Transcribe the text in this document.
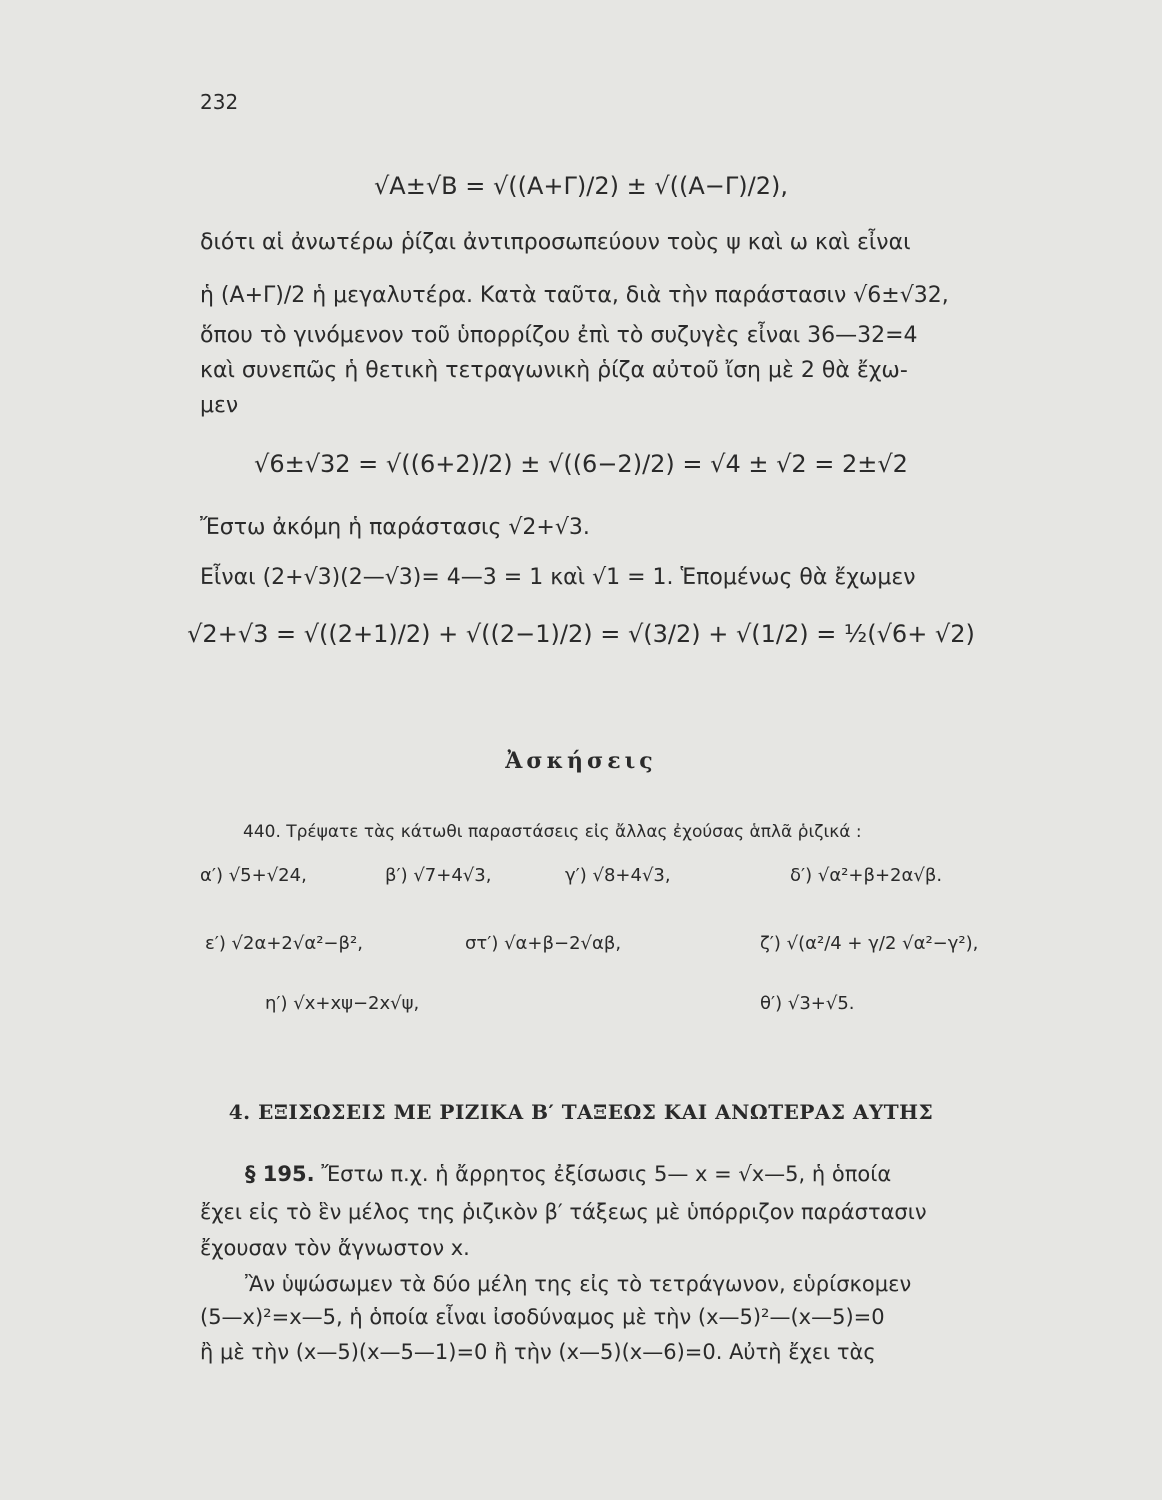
232
√A±√B = √((A+Γ)/2) ± √((A−Γ)/2),
διότι αἱ ἀνωτέρω ῥίζαι ἀντιπροσωπεύουν τοὺς ψ καὶ ω καὶ εἶναι
ἡ (A+Γ)/2 ἡ μεγαλυτέρα. Κατὰ ταῦτα, διὰ τὴν παράστασιν √6±√32,
ὅπου τὸ γινόμενον τοῦ ὑπορρίζου ἐπὶ τὸ συζυγὲς εἶναι 36—32=4
καὶ συνεπῶς ἡ θετικὴ τετραγωνικὴ ῥίζα αὐτοῦ ἴση μὲ 2 θὰ ἔχω-
μεν
√6±√32 = √((6+2)/2) ± √((6−2)/2) = √4 ± √2 = 2±√2
Ἔστω ἀκόμη ἡ παράστασις √2+√3.
Εἶναι (2+√3)(2—√3)= 4—3 = 1 καὶ √1 = 1. Ἑπομένως θὰ ἔχωμεν
√2+√3 = √((2+1)/2) + √((2−1)/2) = √(3/2) + √(1/2) = ½(√6+ √2)
Ἀσκήσεις
440. Τρέψατε τὰς κάτωθι παραστάσεις εἰς ἄλλας ἐχούσας ἁπλᾶ ῥιζικά :
α′) √5+√24,	β′) √7+4√3,	γ′) √8+4√3,	δ′) √α²+β+2α√β.
ε′) √2α+2√α²−β²,	στ′) √α+β−2√αβ,	ζ′) √(α²/4 + γ/2 √α²−γ²),
η′) √x+xψ−2x√ψ,	θ′) √3+√5.
4. ΕΞΙΣΩΣΕΙΣ ΜΕ ΡΙΖΙΚΑ Β′ ΤΑΞΕΩΣ ΚΑΙ ΑΝΩΤΕΡΑΣ ΑΥΤΗΣ
§ 195. Ἔστω π.χ. ἡ ἄρρητος ἐξίσωσις 5— x = √x—5, ἡ ὁποία
ἔχει εἰς τὸ ἓν μέλος της ῥιζικὸν β′ τάξεως μὲ ὑπόρριζον παράστασιν
ἔχουσαν τὸν ἄγνωστον x.
Ἂν ὑψώσωμεν τὰ δύο μέλη της εἰς τὸ τετράγωνον, εὑρίσκομεν
(5—x)²=x—5, ἡ ὁποία εἶναι ἰσοδύναμος μὲ τὴν (x—5)²—(x—5)=0
ἢ μὲ τὴν (x—5)(x—5—1)=0 ἢ τὴν (x—5)(x—6)=0. Αὐτὴ ἔχει τὰς
